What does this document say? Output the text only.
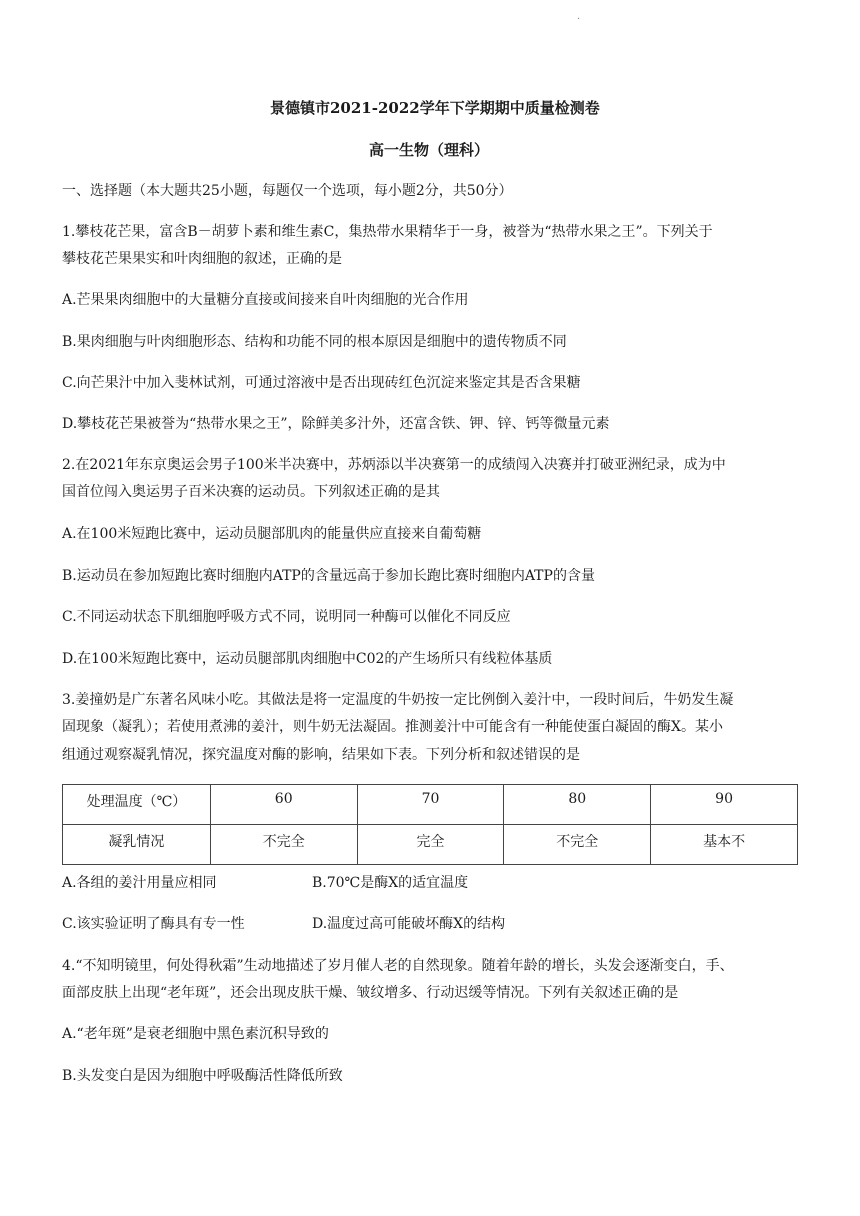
·
景德镇市2021-2022学年下学期期中质量检测卷
高一生物（理科）
一、选择题（本大题共25小题，每题仅一个选项，每小题2分，共50分）
1.攀枝花芒果，富含B－胡萝卜素和维生素C，集热带水果精华于一身，被誉为“热带水果之王”。下列关于
攀枝花芒果果实和叶肉细胞的叙述，正确的是
A.芒果果肉细胞中的大量糖分直接或间接来自叶肉细胞的光合作用
B.果肉细胞与叶肉细胞形态、结构和功能不同的根本原因是细胞中的遗传物质不同
C.向芒果汁中加入斐林试剂，可通过溶液中是否出现砖红色沉淀来鉴定其是否含果糖
D.攀枝花芒果被誉为“热带水果之王”，除鲜美多汁外，还富含铁、钾、锌、钙等微量元素
2.在2021年东京奥运会男子100米半决赛中，苏炳添以半决赛第一的成绩闯入决赛并打破亚洲纪录，成为中
国首位闯入奥运男子百米决赛的运动员。下列叙述正确的是其
A.在100米短跑比赛中，运动员腿部肌肉的能量供应直接来自葡萄糖
B.运动员在参加短跑比赛时细胞内ATP的含量远高于参加长跑比赛时细胞内ATP的含量
C.不同运动状态下肌细胞呼吸方式不同，说明同一种酶可以催化不同反应
D.在100米短跑比赛中，运动员腿部肌肉细胞中C02的产生场所只有线粒体基质
3.姜撞奶是广东著名风味小吃。其做法是将一定温度的牛奶按一定比例倒入姜汁中，一段时间后，牛奶发生凝
固现象（凝乳）；若使用煮沸的姜汁，则牛奶无法凝固。推测姜汁中可能含有一种能使蛋白凝固的酶X。某小
组通过观察凝乳情况，探究温度对酶的影响，结果如下表。下列分析和叙述错误的是
处理温度（℃）	60	70	80	90
凝乳情况	不完全	完全	不完全	基本不
A.各组的姜汁用量应相同	B.70℃是酶X的适宜温度
C.该实验证明了酶具有专一性	D.温度过高可能破坏酶X的结构
4.“不知明镜里，何处得秋霜”生动地描述了岁月催人老的自然现象。随着年龄的增长，头发会逐渐变白，手、
面部皮肤上出现“老年斑”，还会出现皮肤干燥、皱纹增多、行动迟缓等情况。下列有关叙述正确的是
A.“老年斑”是衰老细胞中黑色素沉积导致的
B.头发变白是因为细胞中呼吸酶活性降低所致
